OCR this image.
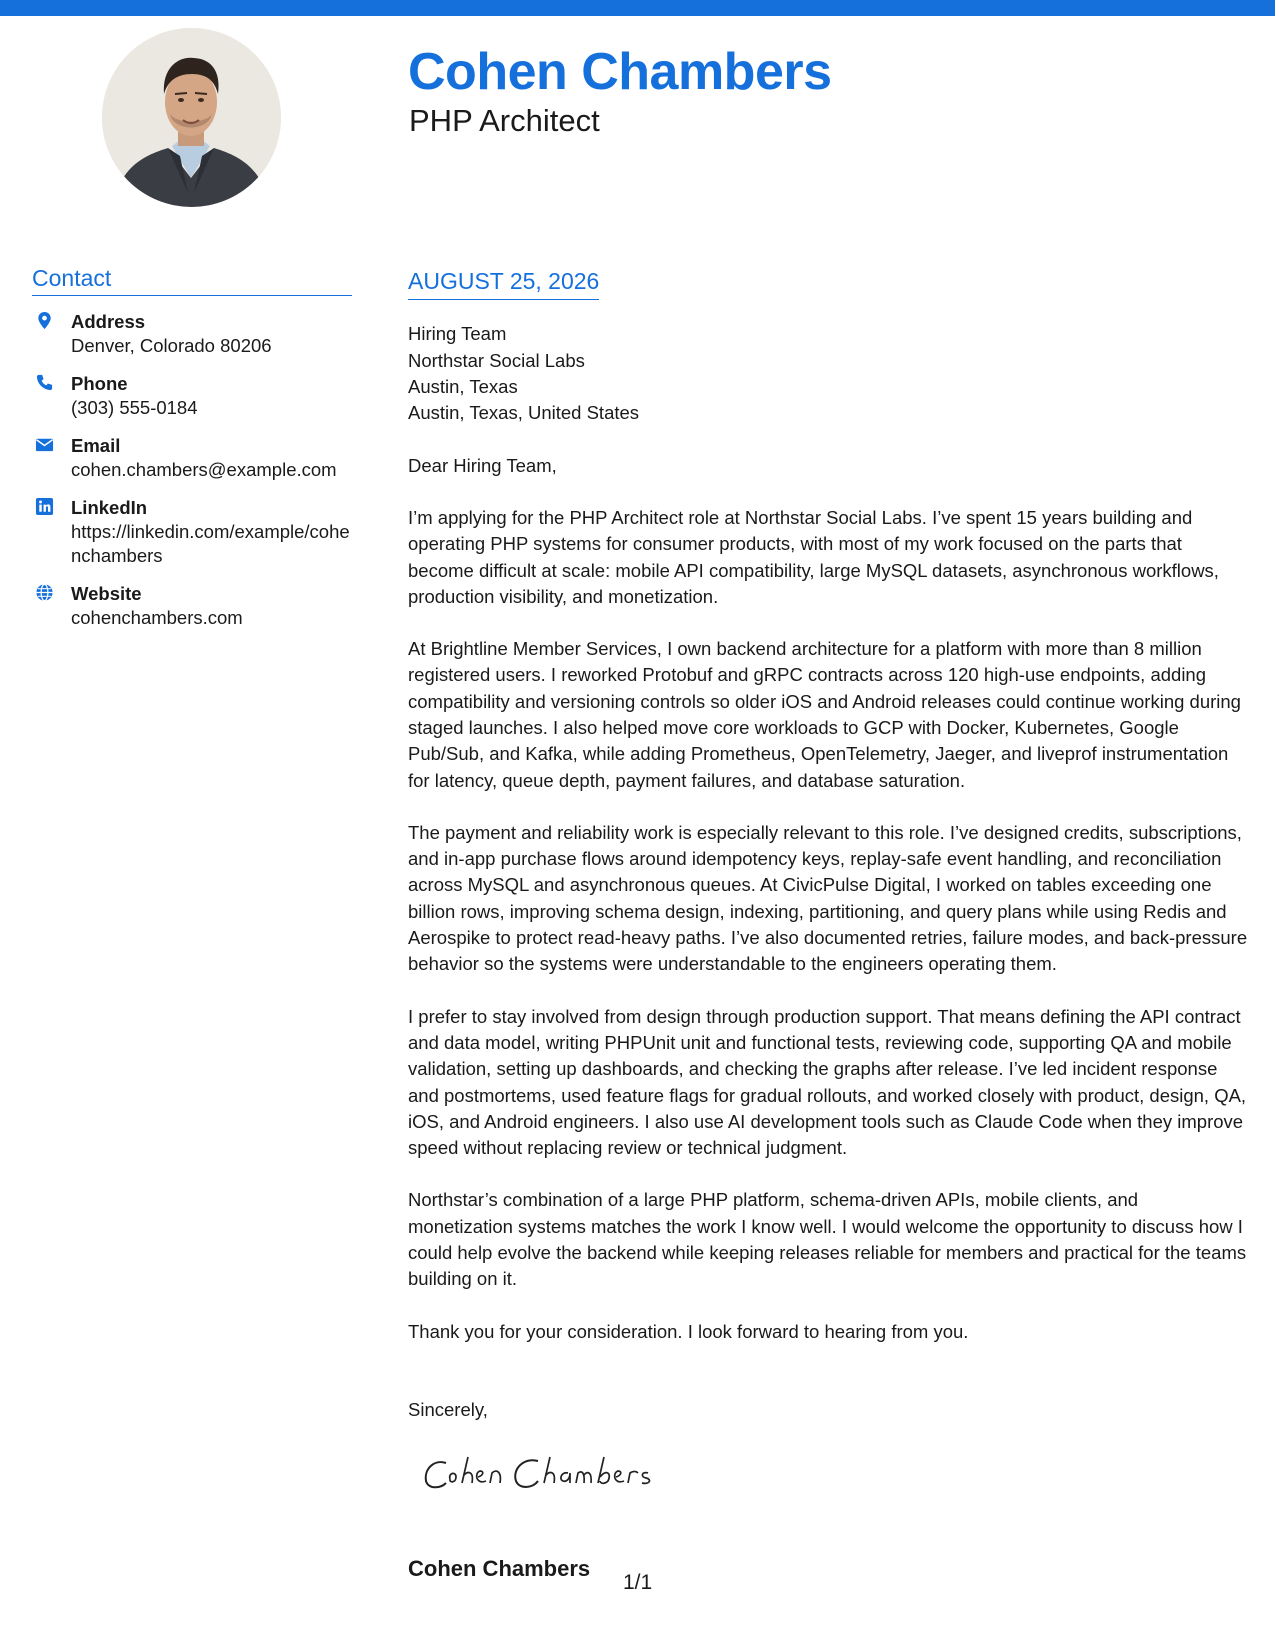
Cohen Chambers
PHP Architect
Contact
Address
Denver, Colorado 80206
Phone
(303) 555-0184
Email
cohen.chambers@example.com
LinkedIn
https://linkedin.com/example/cohenchambers
Website
cohenchambers.com
AUGUST 25, 2026
Hiring Team
Northstar Social Labs
Austin, Texas
Austin, Texas, United States
Dear Hiring Team,

I’m applying for the PHP Architect role at Northstar Social Labs. I’ve spent 15 years building and operating PHP systems for consumer products, with most of my work focused on the parts that become difficult at scale: mobile API compatibility, large MySQL datasets, asynchronous workflows, production visibility, and monetization.

At Brightline Member Services, I own backend architecture for a platform with more than 8 million registered users. I reworked Protobuf and gRPC contracts across 120 high-use endpoints, adding compatibility and versioning controls so older iOS and Android releases could continue working during staged launches. I also helped move core workloads to GCP with Docker, Kubernetes, Google Pub/Sub, and Kafka, while adding Prometheus, OpenTelemetry, Jaeger, and liveprof instrumentation for latency, queue depth, payment failures, and database saturation.

The payment and reliability work is especially relevant to this role. I’ve designed credits, subscriptions, and in-app purchase flows around idempotency keys, replay-safe event handling, and reconciliation across MySQL and asynchronous queues. At CivicPulse Digital, I worked on tables exceeding one billion rows, improving schema design, indexing, partitioning, and query plans while using Redis and Aerospike to protect read-heavy paths. I’ve also documented retries, failure modes, and back-pressure behavior so the systems were understandable to the engineers operating them.

I prefer to stay involved from design through production support. That means defining the API contract and data model, writing PHPUnit unit and functional tests, reviewing code, supporting QA and mobile validation, setting up dashboards, and checking the graphs after release. I’ve led incident response and postmortems, used feature flags for gradual rollouts, and worked closely with product, design, QA, iOS, and Android engineers. I also use AI development tools such as Claude Code when they improve speed without replacing review or technical judgment.

Northstar’s combination of a large PHP platform, schema-driven APIs, mobile clients, and monetization systems matches the work I know well. I would welcome the opportunity to discuss how I could help evolve the backend while keeping releases reliable for members and practical for the teams building on it.

Thank you for your consideration. I look forward to hearing from you.

Sincerely,
Cohen Chambers
1/1
